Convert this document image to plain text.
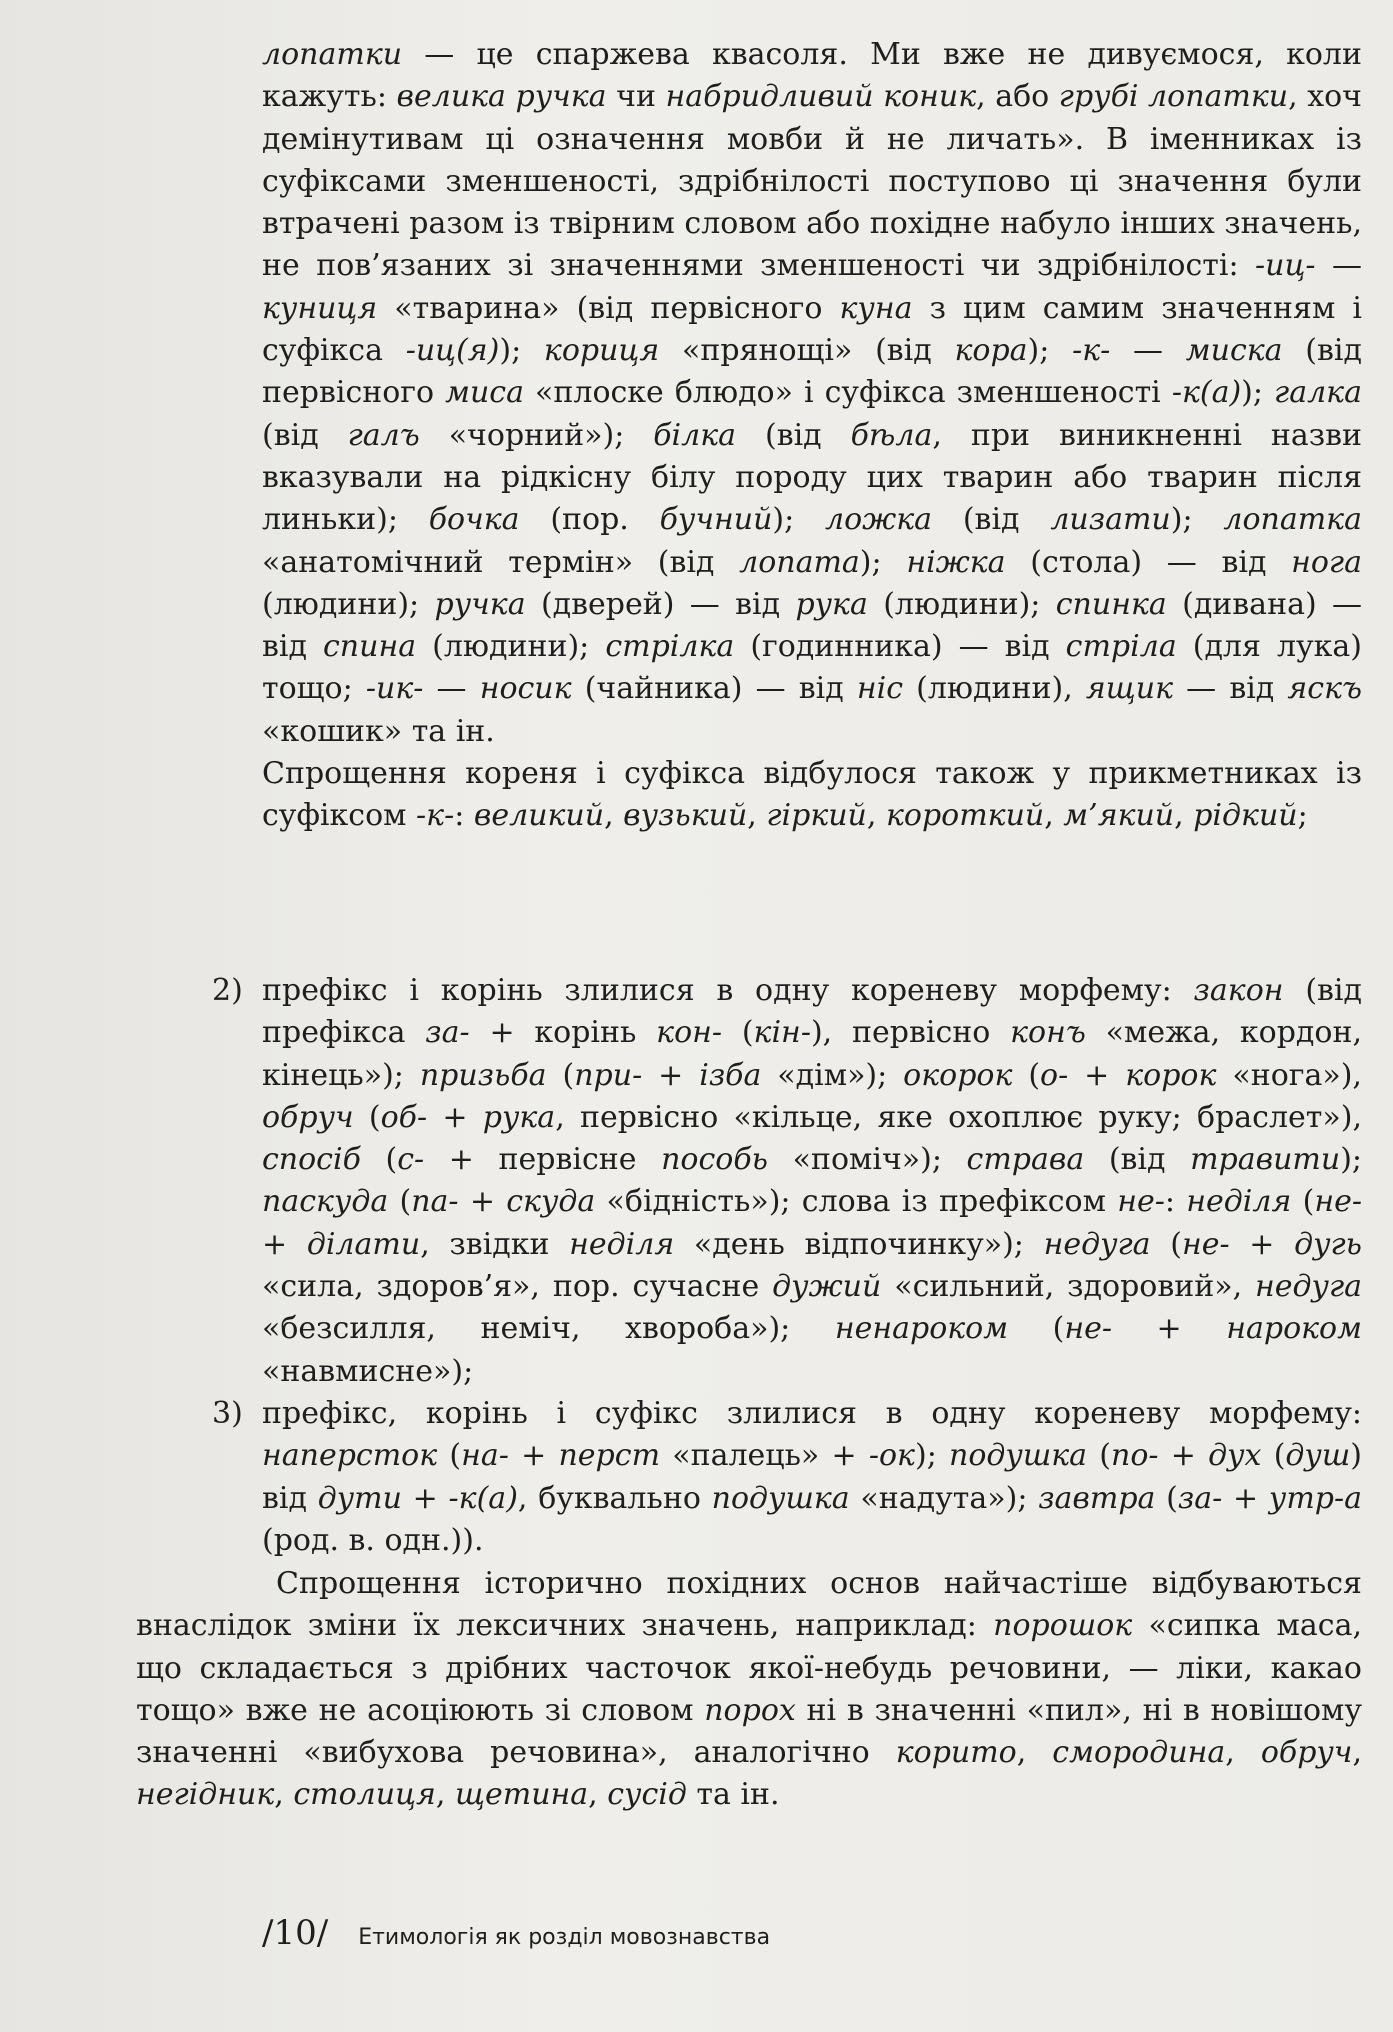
лопатки — це спаржева квасоля. Ми вже не дивуємося, коли кажуть: велика ручка чи набридливий коник, або грубі лопатки, хоч демінутивам ці означення мовби й не личать». В іменниках із суфіксами зменшеності, здрібнілості поступово ці значення були втрачені разом із твірним словом або похідне набуло інших значень, не пов’язаних зі значеннями зменшеності чи здрібнілості: -иц- — куниця «тварина» (від первісного куна з цим самим значенням і суфікса -иц(я)); кориця «прянощі» (від кора); -к- — миска (від первісного миса «плоске блюдо» і суфікса зменшеності -к(а)); галка (від галъ «чорний»); білка (від бѣла, при виникненні назви вказували на рідкісну білу породу цих тварин або тварин після линьки); бочка (пор. бучний); ложка (від лизати); лопатка «анатомічний термін» (від лопата); ніжка (стола) — від нога (людини); ручка (дверей) — від рука (людини); спинка (дивана) — від спина (людини); стрілка (годинника) — від стріла (для лука) тощо; -ик- — носик (чайника) — від ніс (людини), ящик — від яскъ «кошик» та ін.
Спрощення кореня і суфікса відбулося також у прикметниках із суфіксом -к-: великий, вузький, гіркий, короткий, м’який, рідкий;
2) префікс і корінь злилися в одну кореневу морфему: закон (від префікса за- + корінь кон- (кін-), первісно конъ «межа, кордон, кінець»); призьба (при- + ізба «дім»); окорок (о- + корок «нога»), обруч (об- + рука, первісно «кільце, яке охоплює руку; браслет»), спосіб (с- + первісне пособь «поміч»); страва (від травити); паскуда (па- + скуда «бідність»); слова із префіксом не-: неділя (не- + ділати, звідки неділя «день відпочинку»); недуга (не- + дугь «сила, здоров’я», пор. сучасне дужий «сильний, здоровий», недуга «безсилля, неміч, хвороба»); ненароком (не- + нароком «навмисне»);
3) префікс, корінь і суфікс злилися в одну кореневу морфему: наперсток (на- + перст «палець» + -ок); подушка (по- + дух (душ) від дути + -к(а), буквально подушка «надута»); завтра (за- + утр-а (род. в. одн.)).
Спрощення історично похідних основ найчастіше відбуваються внаслідок зміни їх лексичних значень, наприклад: порошок «сипка маса, що складається з дрібних часточок якої-небудь речовини, — ліки, какао тощо» вже не асоціюють зі словом порох ні в значенні «пил», ні в новішому значенні «вибухова речовина», аналогічно корито, смородина, обруч, негідник, столиця, щетина, сусід та ін.
/10/ Етимологія як розділ мовознавства
